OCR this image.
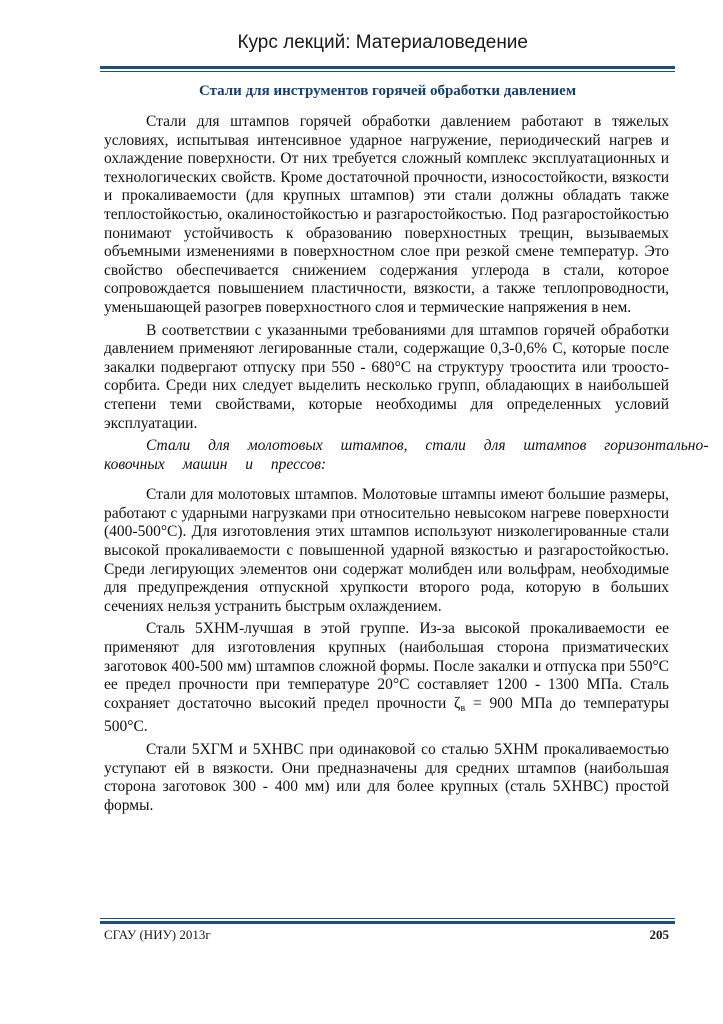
Курс лекций: Материаловедение
Стали для инструментов горячей обработки давлением

Стали для штампов горячей обработки давлением работают в тяжелых условиях, испытывая интенсивное ударное нагружение, периодический нагрев и охлаждение поверхности. От них требуется сложный комплекс эксплуатационных и технологических свойств. Кроме достаточной прочности, износостойкости, вязкости и прокаливаемости (для крупных штампов) эти стали должны обладать также теплостойкостью, окалиностойкостью и разгаростойкостью. Под разгаростойкостью понимают устойчивость к образованию поверхностных трещин, вызываемых объемными изменениями в поверхностном слое при резкой смене температур. Это свойство обеспечивается снижением содержания углерода в стали, которое сопровождается повышением пластичности, вязкости, а также теплопроводности, уменьшающей разогрев поверхностного слоя и термические напряжения в нем.

В соответствии с указанными требованиями для штампов горячей обработки давлением применяют легированные стали, содержащие 0,3-0,6% С, которые после закалки подвергают отпуску при 550 - 680°С на структуру троостита или троосто-сорбита. Среди них следует выделить несколько групп, обладающих в наибольшей степени теми свойствами, которые необходимы для определенных условий эксплуатации.

Стали для молотовых штампов, стали для штампов горизонтально-ковочных машин и прессов:

Стали для молотовых штампов. Молотовые штампы имеют большие размеры, работают с ударными нагрузками при относительно невысоком нагреве поверхности (400-500°С). Для изготовления этих штампов используют низколегированные стали высокой прокаливаемости с повышенной ударной вязкостью и разгаростойкостью. Среди легирующих элементов они содержат молибден или вольфрам, необходимые для предупреждения отпускной хрупкости второго рода, которую в больших сечениях нельзя устранить быстрым охлаждением.

Сталь 5ХНМ-лучшая в этой группе. Из-за высокой прокаливаемости ее применяют для изготовления крупных (наибольшая сторона призматических заготовок 400-500 мм) штампов сложной формы. После закалки и отпуска при 550°С ее предел прочности при температуре 20°С составляет 1200 - 1300 МПа. Сталь сохраняет достаточно высокий предел прочности $\zeta_в = 900$ МПа до температуры 500°С.

Стали 5ХГМ и 5ХНВС при одинаковой со сталью 5ХНМ прокаливаемостью уступают ей в вязкости. Они предназначены для средних штампов (наибольшая сторона заготовок 300 - 400 мм) или для более крупных (сталь 5ХНВС) простой формы.

СГАУ (НИУ) 2013г	205
